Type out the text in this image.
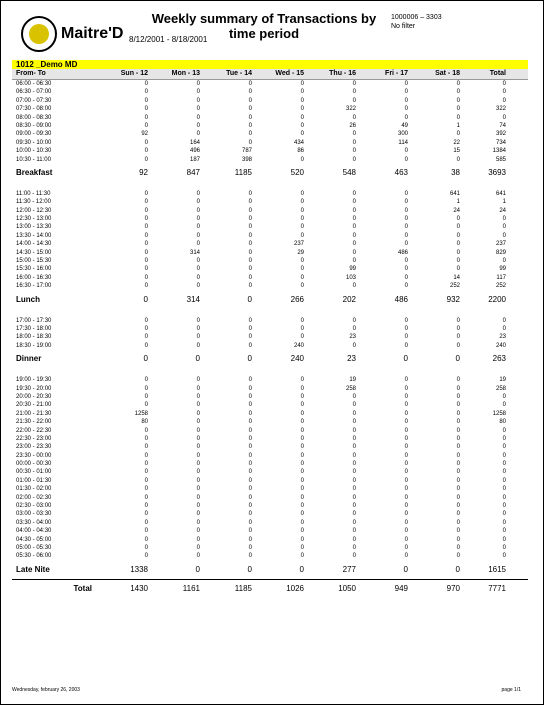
Maitre'D
Weekly summary of Transactions by time period
8/12/2001 - 8/18/2001
1000006 – 3303
No filter
1012 _Demo MD
From- To	Sun - 12	Mon - 13	Tue - 14	Wed - 15	Thu - 16	Fri - 17	Sat - 18	Total
06:00 - 06:30	0	0	0	0	0	0	0	0
06:30 - 07:00	0	0	0	0	0	0	0	0
07:00 - 07:30	0	0	0	0	0	0	0	0
07:30 - 08:00	0	0	0	0	322	0	0	322
08:00 - 08:30	0	0	0	0	0	0	0	0
08:30 - 09:00	0	0	0	0	26	49	1	74
09:00 - 09:30	92	0	0	0	0	300	0	392
09:30 - 10:00	0	164	0	434	0	114	22	734
10:00 - 10:30	0	496	787	86	0	0	15	1384
10:30 - 11:00	0	187	398	0	0	0	0	585
Breakfast	92	847	1185	520	548	463	38	3693
11:00 - 11:30	0	0	0	0	0	0	641	641
11:30 - 12:00	0	0	0	0	0	0	1	1
12:00 - 12:30	0	0	0	0	0	0	24	24
12:30 - 13:00	0	0	0	0	0	0	0	0
13:00 - 13:30	0	0	0	0	0	0	0	0
13:30 - 14:00	0	0	0	0	0	0	0	0
14:00 - 14:30	0	0	0	237	0	0	0	237
14:30 - 15:00	0	314	0	29	0	486	0	829
15:00 - 15:30	0	0	0	0	0	0	0	0
15:30 - 16:00	0	0	0	0	99	0	0	99
16:00 - 16:30	0	0	0	0	103	0	14	117
16:30 - 17:00	0	0	0	0	0	0	252	252
Lunch	0	314	0	266	202	486	932	2200
17:00 - 17:30	0	0	0	0	0	0	0	0
17:30 - 18:00	0	0	0	0	0	0	0	0
18:00 - 18:30	0	0	0	0	23	0	0	23
18:30 - 19:00	0	0	0	240	0	0	0	240
Dinner	0	0	0	240	23	0	0	263
19:00 - 19:30	0	0	0	0	19	0	0	19
19:30 - 20:00	0	0	0	0	258	0	0	258
20:00 - 20:30	0	0	0	0	0	0	0	0
20:30 - 21:00	0	0	0	0	0	0	0	0
21:00 - 21:30	1258	0	0	0	0	0	0	1258
21:30 - 22:00	80	0	0	0	0	0	0	80
22:00 - 22:30	0	0	0	0	0	0	0	0
22:30 - 23:00	0	0	0	0	0	0	0	0
23:00 - 23:30	0	0	0	0	0	0	0	0
23:30 - 00:00	0	0	0	0	0	0	0	0
00:00 - 00:30	0	0	0	0	0	0	0	0
00:30 - 01:00	0	0	0	0	0	0	0	0
01:00 - 01:30	0	0	0	0	0	0	0	0
01:30 - 02:00	0	0	0	0	0	0	0	0
02:00 - 02:30	0	0	0	0	0	0	0	0
02:30 - 03:00	0	0	0	0	0	0	0	0
03:00 - 03:30	0	0	0	0	0	0	0	0
03:30 - 04:00	0	0	0	0	0	0	0	0
04:00 - 04:30	0	0	0	0	0	0	0	0
04:30 - 05:00	0	0	0	0	0	0	0	0
05:00 - 05:30	0	0	0	0	0	0	0	0
05:30 - 06:00	0	0	0	0	0	0	0	0
Late Nite	1338	0	0	0	277	0	0	1615
Total	1430	1161	1185	1026	1050	949	970	7771
Wednesday, february 26, 2003	page 1/1
